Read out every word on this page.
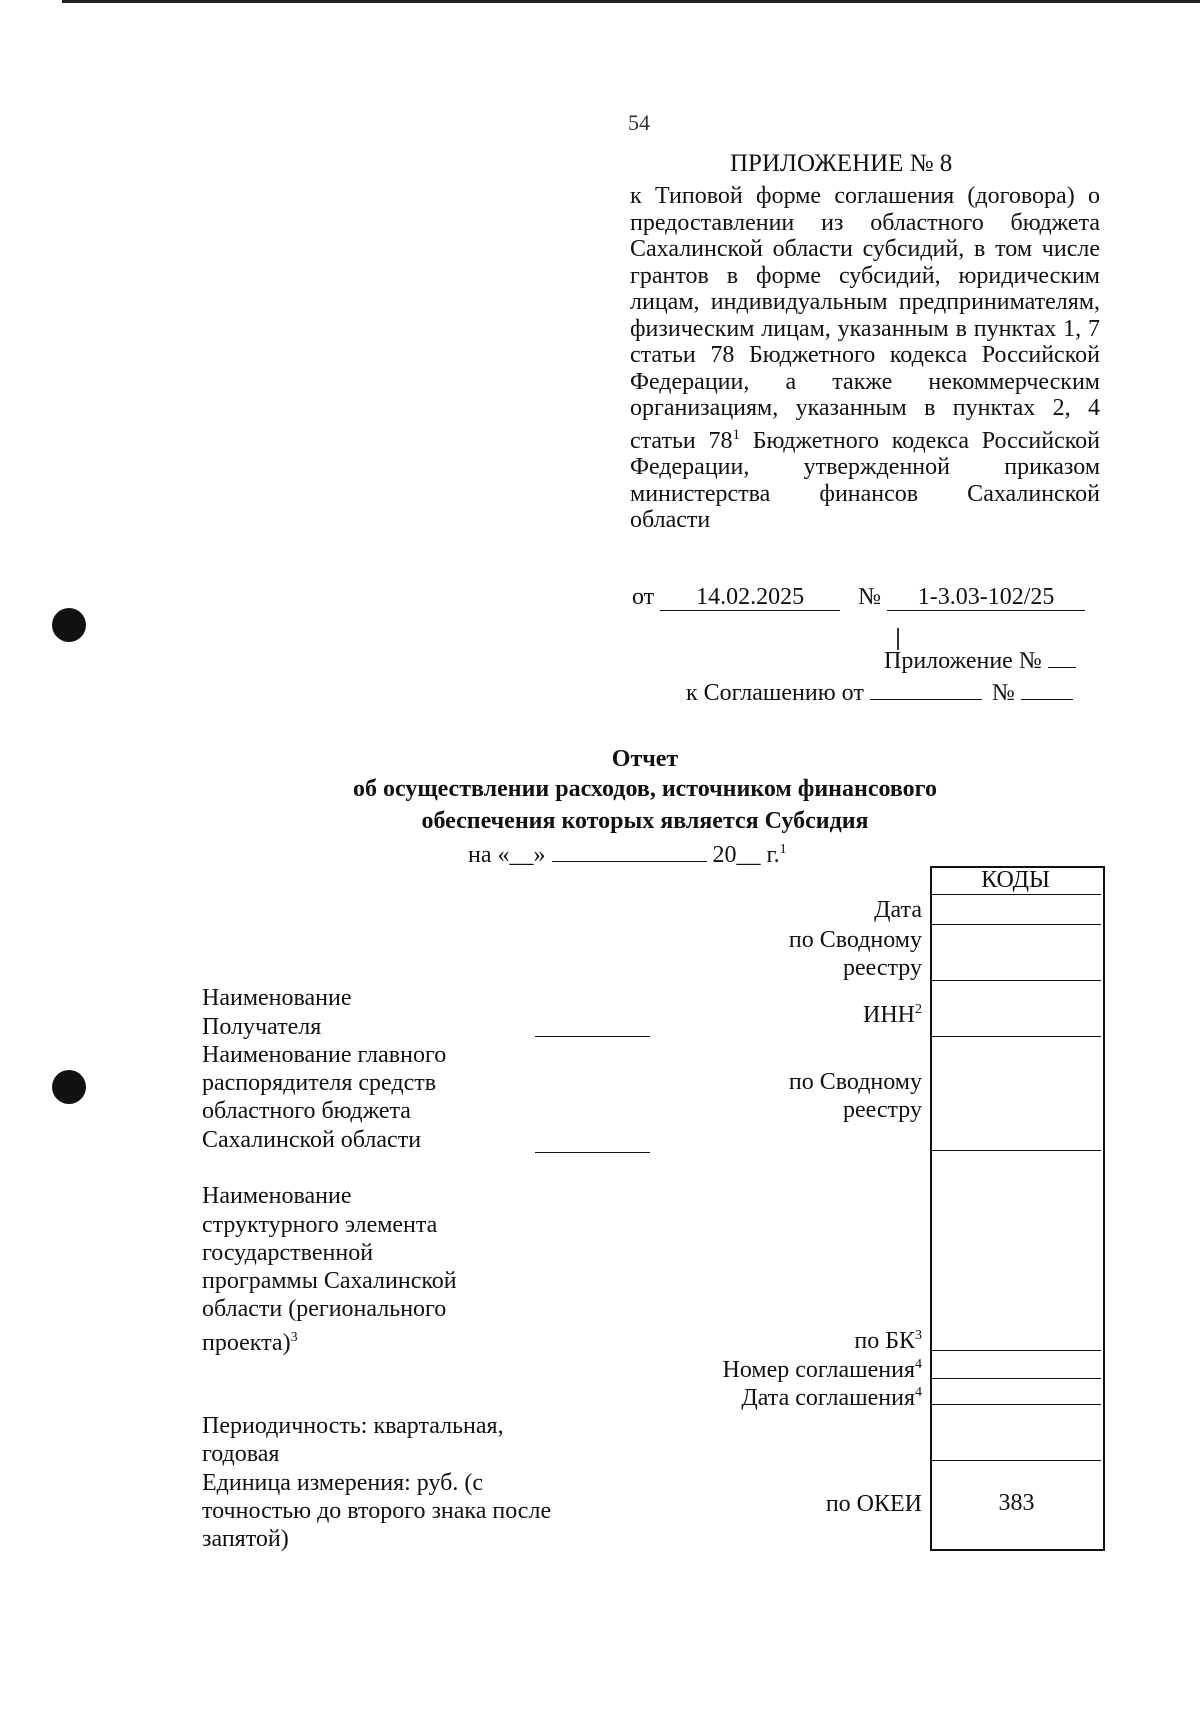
54
ПРИЛОЖЕНИЕ № 8
к Типовой форме соглашения (договора) о предоставлении из областного бюджета Сахалинской области субсидий, в том числе грантов в форме субсидий, юридическим лицам, индивидуальным предпринимателям, физическим лицам, указанным в пунктах 1, 7 статьи 78 Бюджетного кодекса Российской Федерации, а также некоммерческим организациям, указанным в пунктах 2, 4 статьи $78^1$ Бюджетного кодекса Российской Федерации, утвержденной приказом министерства финансов Сахалинской области
от 14.02.2025 № 1-3.03-102/25
Приложение №
к Соглашению от	№
Отчет
об осуществлении расходов, источником финансового
обеспечения которых является Субсидия
на «__»	20__ г.$^1$
КОДЫ
383
Дата
по Сводному
реестру
ИНН$^2$
по Сводному
реестру
по $БК^3$
Номер соглашения$^4$
Дата соглашения$^4$
по ОКЕИ
Наименование
Получателя
Наименование главного
распорядителя средств
областного бюджета
Сахалинской области
Наименование
структурного элемента
государственной
программы Сахалинской
области (регионального
проекта)$^3$
Периодичность: квартальная,
годовая
Единица измерения: руб. (с
точностью до второго знака после
запятой)
